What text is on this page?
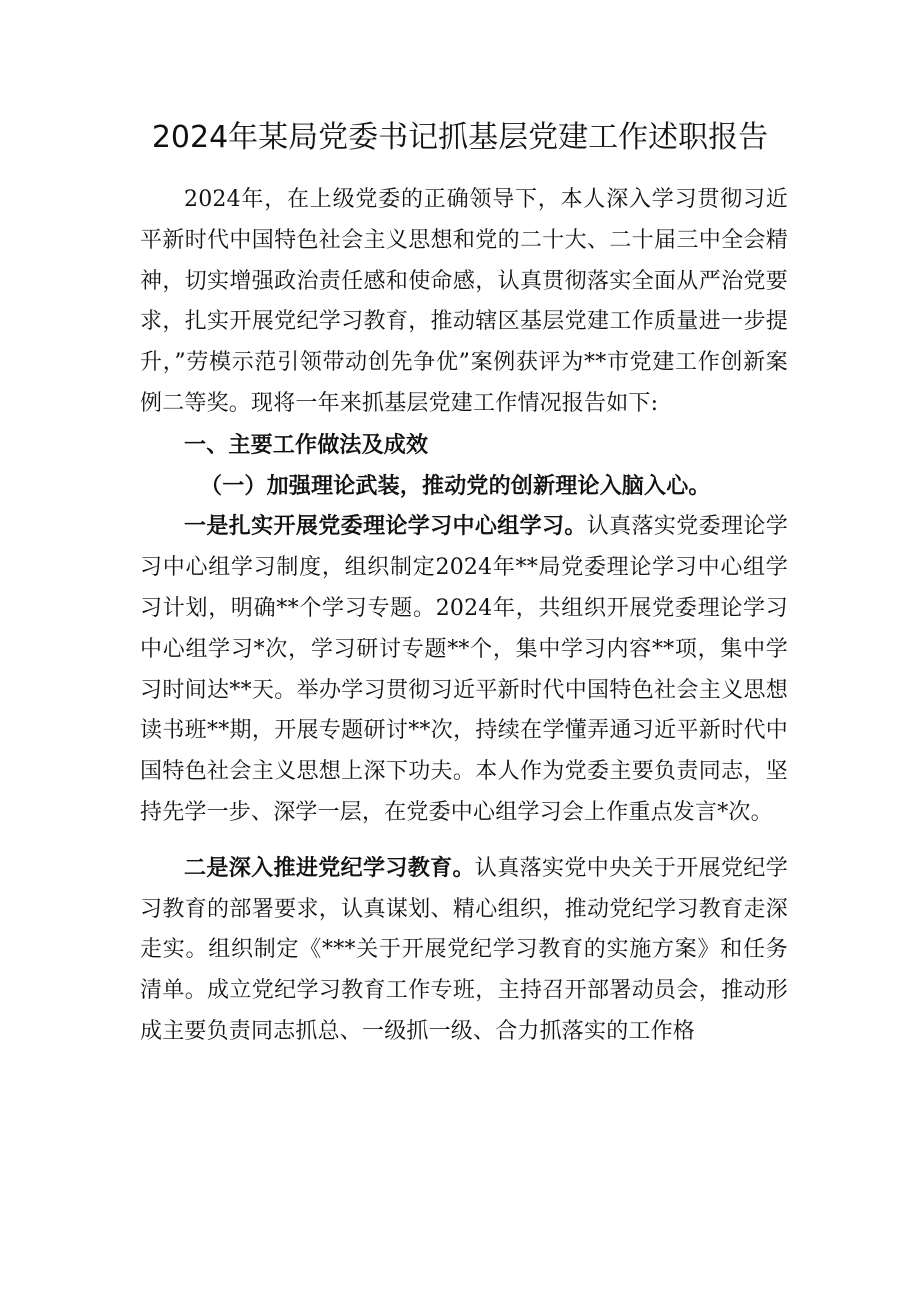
2024年某局党委书记抓基层党建工作述职报告

2024年，在上级党委的正确领导下，本人深入学习贯彻习近平新时代中国特色社会主义思想和党的二十大、二十届三中全会精神，切实增强政治责任感和使命感，认真贯彻落实全面从严治党要求，扎实开展党纪学习教育，推动辖区基层党建工作质量进一步提升，”劳模示范引领带动创先争优”案例获评为**市党建工作创新案例二等奖。现将一年来抓基层党建工作情况报告如下:

一、主要工作做法及成效

（一）加强理论武装，推动党的创新理论入脑入心。

一是扎实开展党委理论学习中心组学习。认真落实党委理论学习中心组学习制度，组织制定2024年**局党委理论学习中心组学习计划，明确**个学习专题。2024年，共组织开展党委理论学习中心组学习*次，学习研讨专题**个，集中学习内容**项，集中学习时间达**天。举办学习贯彻习近平新时代中国特色社会主义思想读书班**期，开展专题研讨**次，持续在学懂弄通习近平新时代中国特色社会主义思想上深下功夫。本人作为党委主要负责同志，坚持先学一步、深学一层，在党委中心组学习会上作重点发言*次。

二是深入推进党纪学习教育。认真落实党中央关于开展党纪学习教育的部署要求，认真谋划、精心组织，推动党纪学习教育走深走实。组织制定《***关于开展党纪学习教育的实施方案》和任务清单。成立党纪学习教育工作专班，主持召开部署动员会，推动形成主要负责同志抓总、一级抓一级、合力抓落实的工作格
